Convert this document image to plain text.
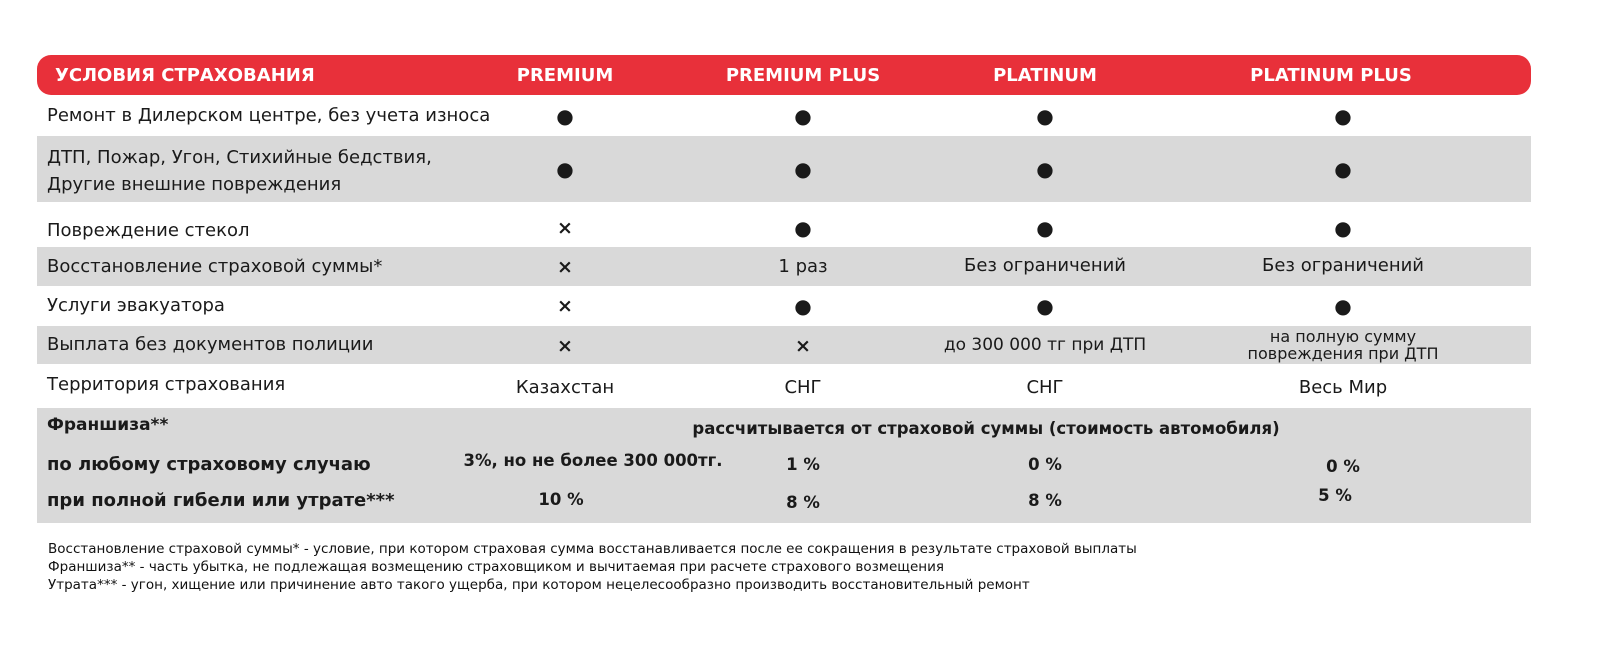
УСЛОВИЯ СТРАХОВАНИЯ	PREMIUM	PREMIUM PLUS	PLATINUM	PLATINUM PLUS
Ремонт в Дилерском центре, без учета износа	●	●	●	●
ДТП, Пожар, Угон, Стихийные бедствия,
Другие внешние повреждения
●	●	●	●
Повреждение стекол	×	●	●	●
Восстановление страховой суммы*	×	1 раз	Без ограничений	Без ограничений
Услуги эвакуатора	×	●	●	●
Выплата без документов полиции	×	×	до 300 000 тг при ДТП	на полную сумму
повреждения при ДТП
Территория страхования	Казахстан	СНГ	СНГ	Весь Мир
Франшиза**	рассчитывается от страховой суммы (стоимость автомобиля)
по любому страховому случаю	3%, но не более 300 000тг.	1 %	0 %	0 %
при полной гибели или утрате***	10 %	8 %	8 %	5 %
Восстановление страховой суммы* - условие, при котором страховая сумма восстанавливается после ее сокращения в результате страховой выплаты
Франшиза** - часть убытка, не подлежащая возмещению страховщиком и вычитаемая при расчете страхового возмещения
Утрата*** - угон, хищение или причинение авто такого ущерба, при котором нецелесообразно производить восстановительный ремонт
